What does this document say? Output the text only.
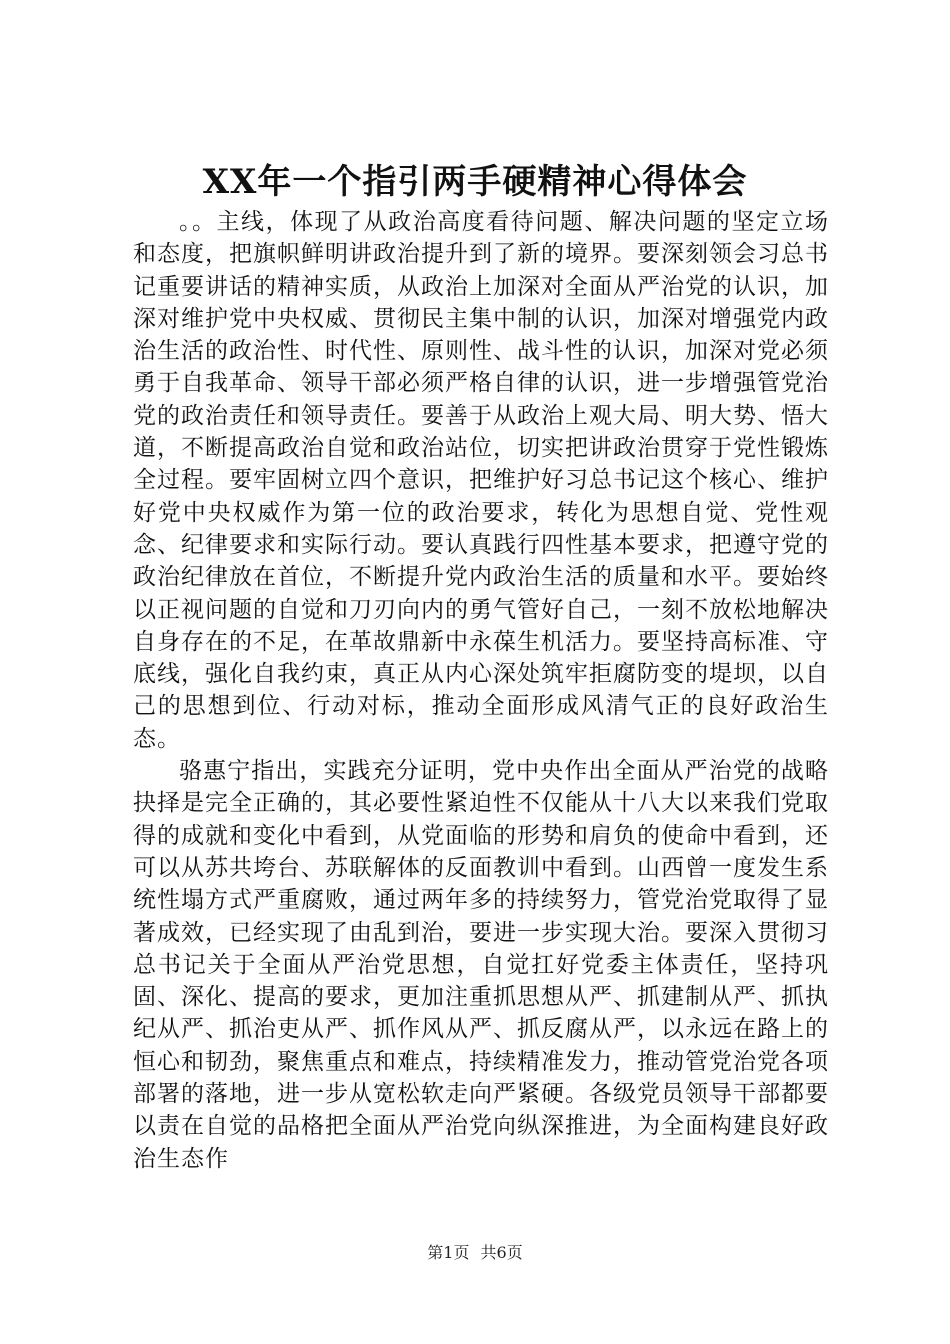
XX年一个指引两手硬精神心得体会

。。主线，体现了从政治高度看待问题、解决问题的坚定立场和态度，把旗帜鲜明讲政治提升到了新的境界。要深刻领会习总书记重要讲话的精神实质，从政治上加深对全面从严治党的认识，加深对维护党中央权威、贯彻民主集中制的认识，加深对增强党内政治生活的政治性、时代性、原则性、战斗性的认识，加深对党必须勇于自我革命、领导干部必须严格自律的认识，进一步增强管党治党的政治责任和领导责任。要善于从政治上观大局、明大势、悟大道，不断提高政治自觉和政治站位，切实把讲政治贯穿于党性锻炼全过程。要牢固树立四个意识，把维护好习总书记这个核心、维护好党中央权威作为第一位的政治要求，转化为思想自觉、党性观念、纪律要求和实际行动。要认真践行四性基本要求，把遵守党的政治纪律放在首位，不断提升党内政治生活的质量和水平。要始终以正视问题的自觉和刀刃向内的勇气管好自己，一刻不放松地解决自身存在的不足，在革故鼎新中永葆生机活力。要坚持高标准、守底线，强化自我约束，真正从内心深处筑牢拒腐防变的堤坝，以自己的思想到位、行动对标，推动全面形成风清气正的良好政治生态。

骆惠宁指出，实践充分证明，党中央作出全面从严治党的战略抉择是完全正确的，其必要性紧迫性不仅能从十八大以来我们党取得的成就和变化中看到，从党面临的形势和肩负的使命中看到，还可以从苏共垮台、苏联解体的反面教训中看到。山西曾一度发生系统性塌方式严重腐败，通过两年多的持续努力，管党治党取得了显著成效，已经实现了由乱到治，要进一步实现大治。要深入贯彻习总书记关于全面从严治党思想，自觉扛好党委主体责任，坚持巩固、深化、提高的要求，更加注重抓思想从严、抓建制从严、抓执纪从严、抓治吏从严、抓作风从严、抓反腐从严，以永远在路上的恒心和韧劲，聚焦重点和难点，持续精准发力，推动管党治党各项部署的落地，进一步从宽松软走向严紧硬。各级党员领导干部都要以责在自觉的品格把全面从严治党向纵深推进，为全面构建良好政治生态作

第1页 共6页
